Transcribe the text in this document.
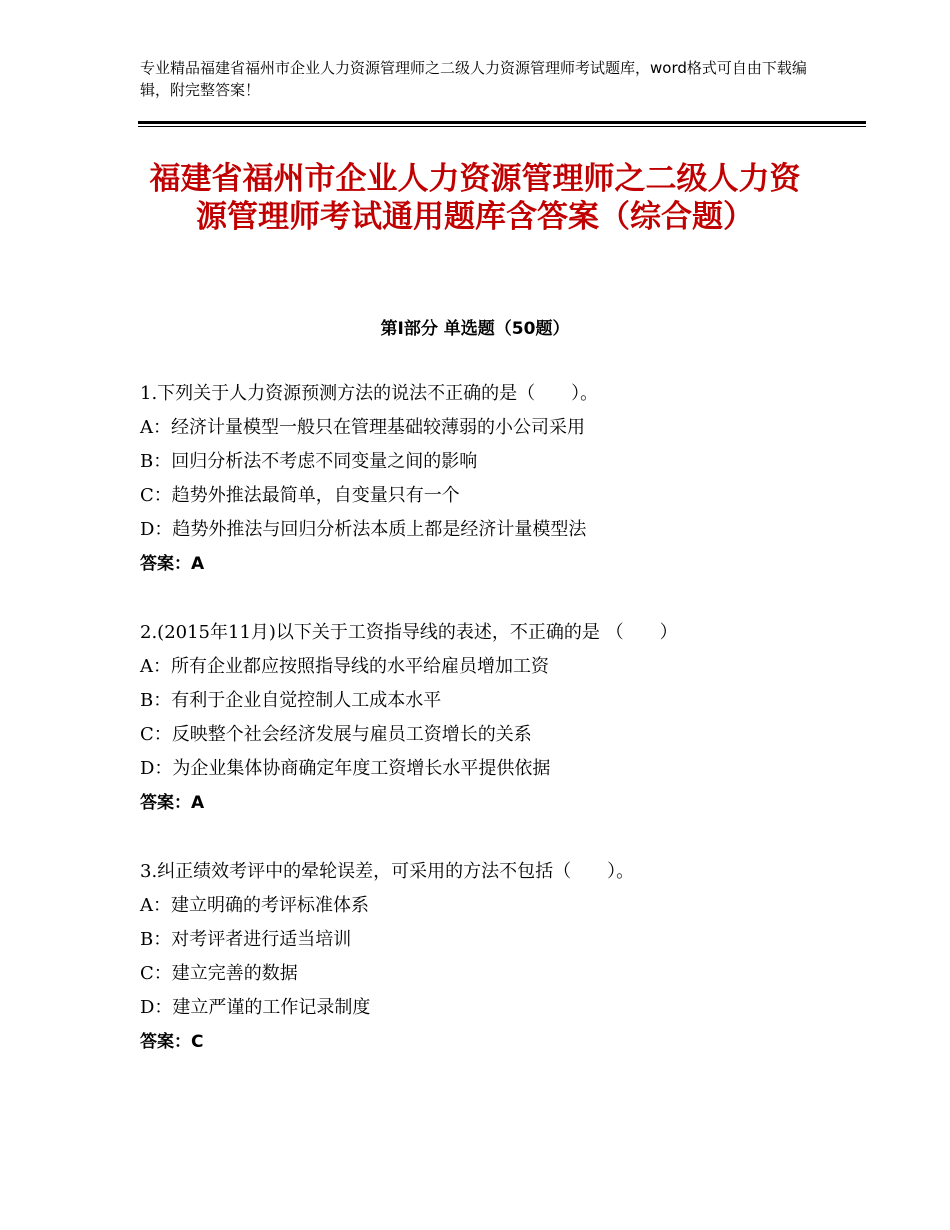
专业精品福建省福州市企业人力资源管理师之二级人力资源管理师考试题库，word格式可自由下载编辑，附完整答案！
福建省福州市企业人力资源管理师之二级人力资源管理师考试通用题库含答案（综合题）
第Ⅰ部分 单选题（50题）
1.下列关于人力资源预测方法的说法不正确的是（　　）。
A：经济计量模型一般只在管理基础较薄弱的小公司采用
B：回归分析法不考虑不同变量之间的影响
C：趋势外推法最简单，自变量只有一个
D：趋势外推法与回归分析法本质上都是经济计量模型法
答案：A
2.(2015年11月)以下关于工资指导线的表述，不正确的是 （　　）
A：所有企业都应按照指导线的水平给雇员增加工资
B：有利于企业自觉控制人工成本水平
C：反映整个社会经济发展与雇员工资增长的关系
D：为企业集体协商确定年度工资增长水平提供依据
答案：A
3.纠正绩效考评中的晕轮误差，可采用的方法不包括（　　）。
A：建立明确的考评标准体系
B：对考评者进行适当培训
C：建立完善的数据
D：建立严谨的工作记录制度
答案：C
